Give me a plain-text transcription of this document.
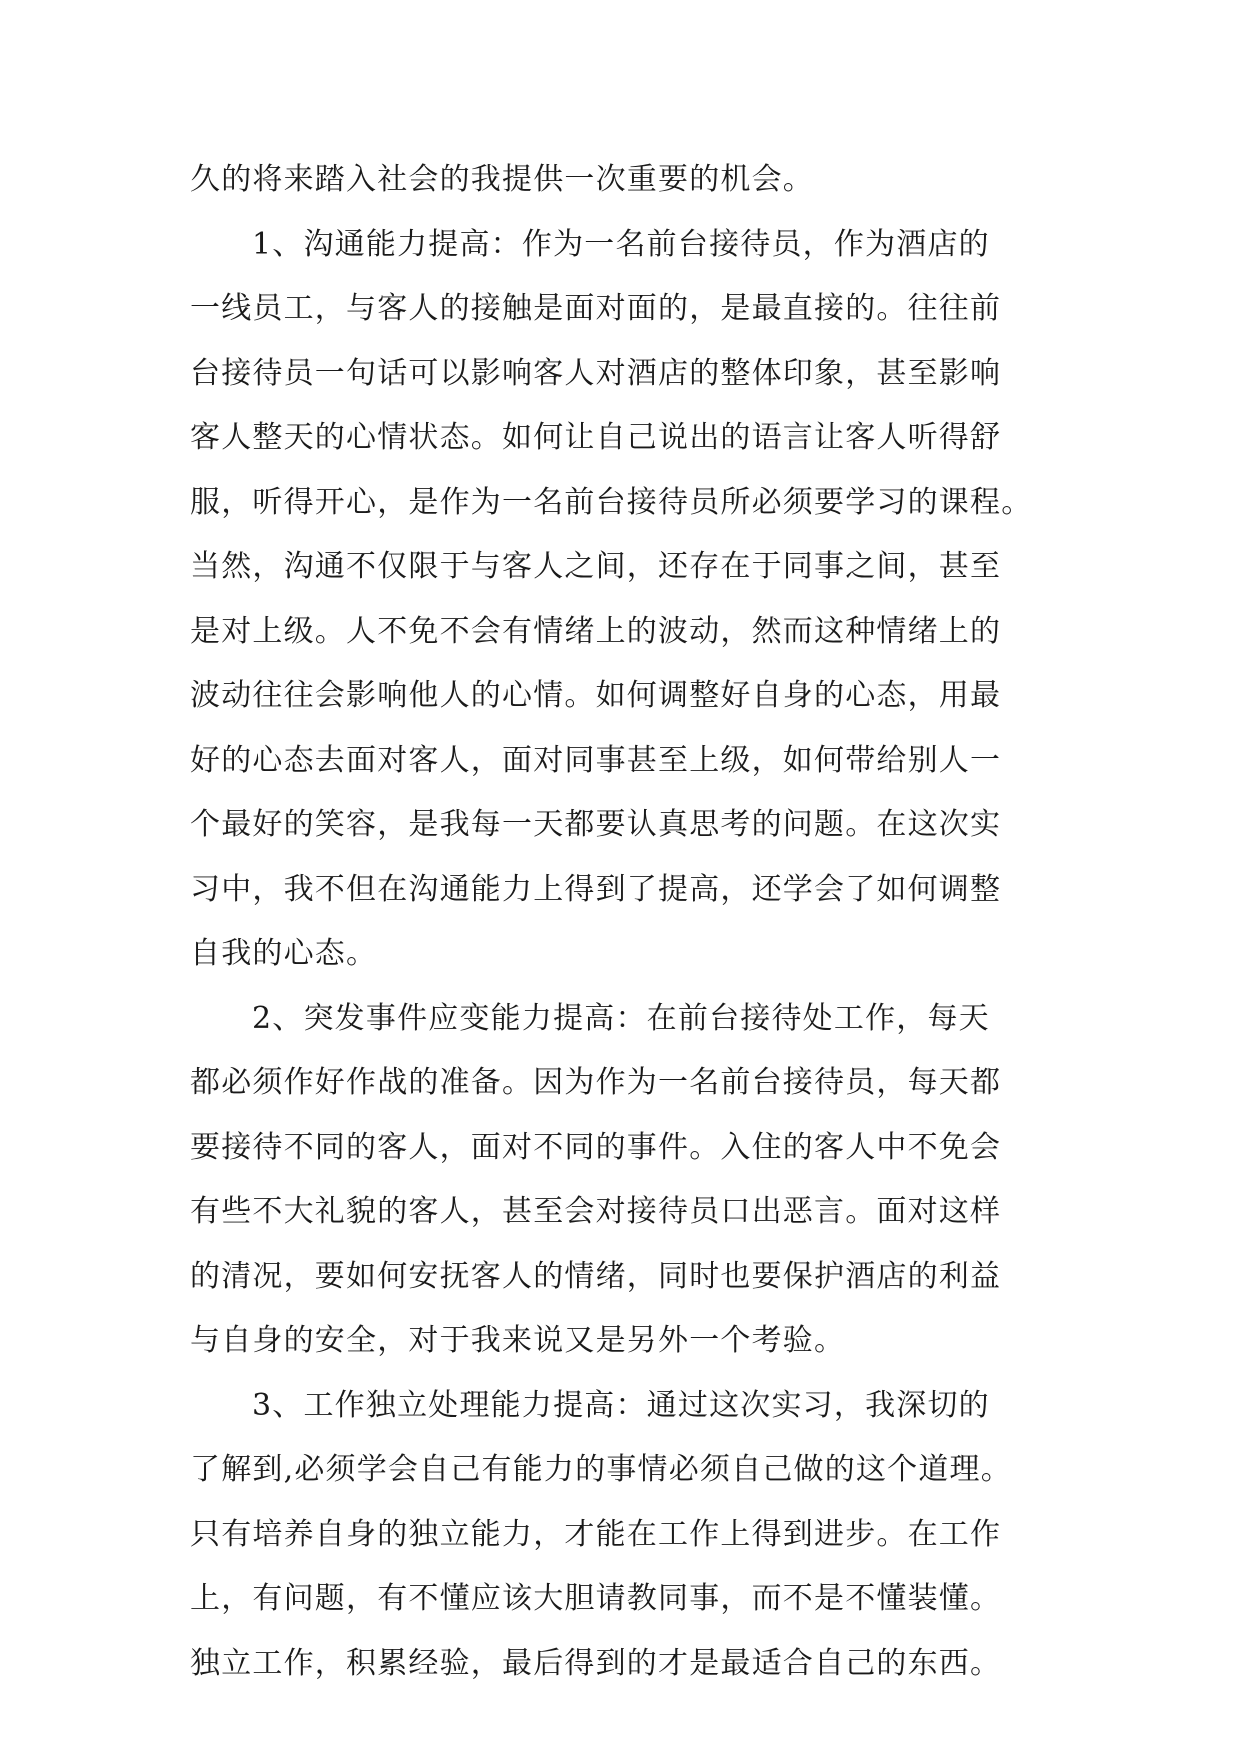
久的将来踏入社会的我提供一次重要的机会。
1、沟通能力提高：作为一名前台接待员，作为酒店的
一线员工，与客人的接触是面对面的，是最直接的。往往前
台接待员一句话可以影响客人对酒店的整体印象，甚至影响
客人整天的心情状态。如何让自己说出的语言让客人听得舒
服，听得开心，是作为一名前台接待员所必须要学习的课程。
当然，沟通不仅限于与客人之间，还存在于同事之间，甚至
是对上级。人不免不会有情绪上的波动，然而这种情绪上的
波动往往会影响他人的心情。如何调整好自身的心态，用最
好的心态去面对客人，面对同事甚至上级，如何带给别人一
个最好的笑容，是我每一天都要认真思考的问题。在这次实
习中，我不但在沟通能力上得到了提高，还学会了如何调整
自我的心态。
2、突发事件应变能力提高：在前台接待处工作，每天
都必须作好作战的准备。因为作为一名前台接待员，每天都
要接待不同的客人，面对不同的事件。入住的客人中不免会
有些不大礼貌的客人，甚至会对接待员口出恶言。面对这样
的清况，要如何安抚客人的情绪，同时也要保护酒店的利益
与自身的安全，对于我来说又是另外一个考验。
3、工作独立处理能力提高：通过这次实习，我深切的
了解到,必须学会自己有能力的事情必须自己做的这个道理。
只有培养自身的独立能力，才能在工作上得到进步。在工作
上，有问题，有不懂应该大胆请教同事，而不是不懂装懂。
独立工作，积累经验，最后得到的才是最适合自己的东西。
